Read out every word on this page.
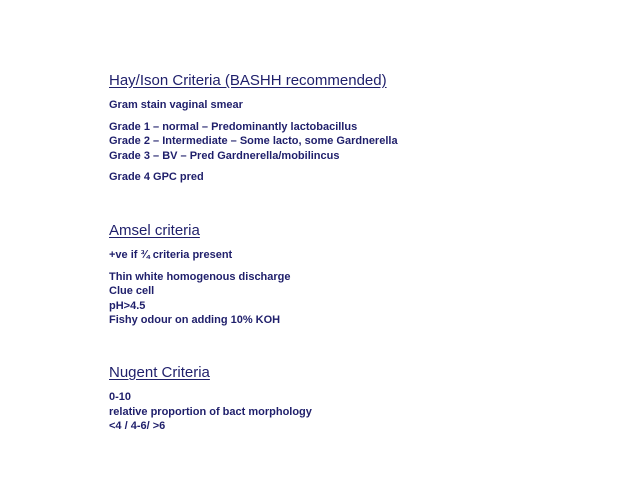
Hay/Ison Criteria (BASHH recommended)

Gram stain vaginal smear

Grade 1 – normal – Predominantly lactobacillus

Grade 2 – Intermediate – Some lacto, some Gardnerella

Grade 3 – BV – Pred Gardnerella/mobilincus

Grade 4 GPC pred

Amsel criteria

+ve if ¾ criteria present

Thin white homogenous discharge

Clue cell

pH>4.5

Fishy odour on adding 10% KOH

Nugent Criteria

0-10

relative proportion of bact morphology

<4 / 4-6/ >6
